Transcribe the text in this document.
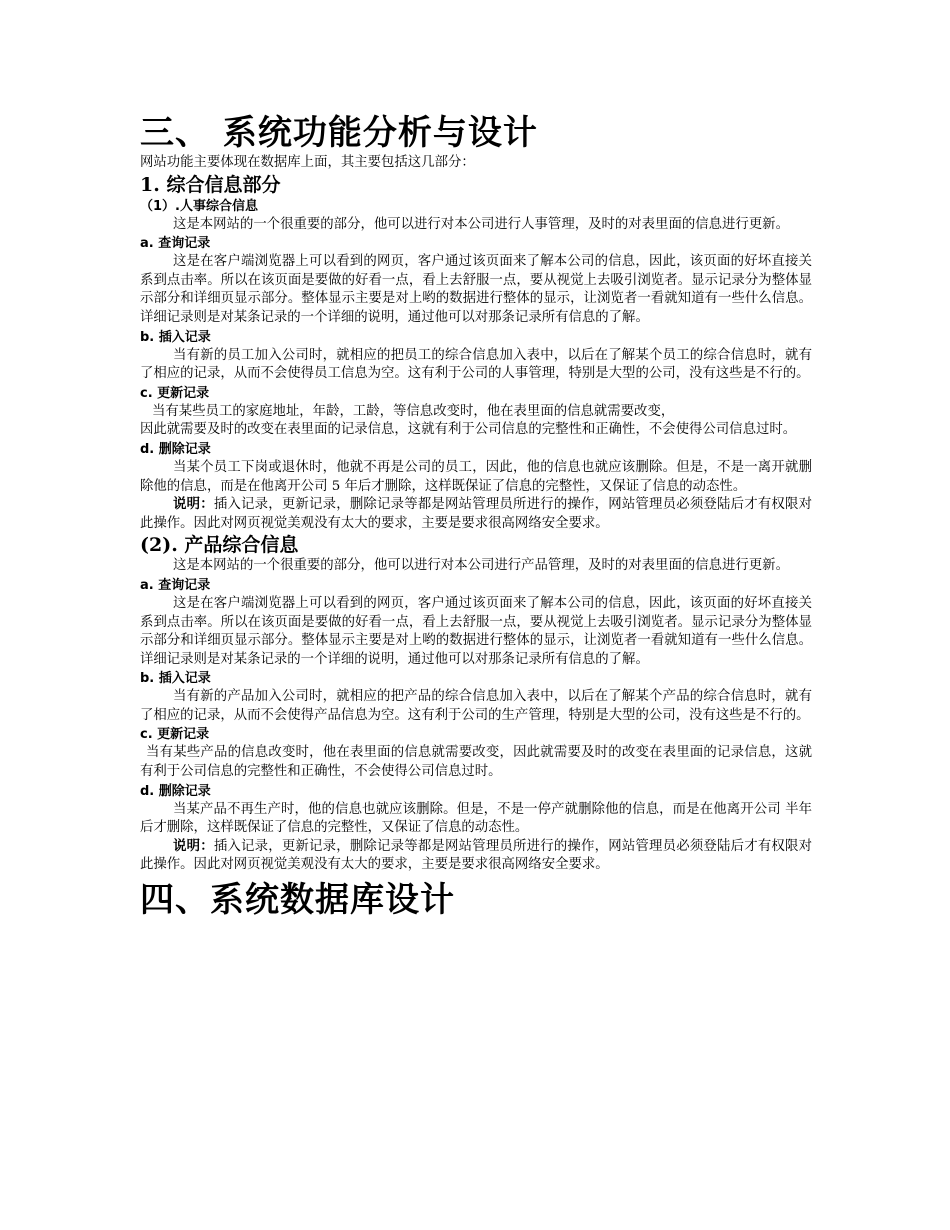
三、 系统功能分析与设计

网站功能主要体现在数据库上面，其主要包括这几部分：

1. 综合信息部分
（1）.人事综合信息

这是本网站的一个很重要的部分，他可以进行对本公司进行人事管理，及时的对表里面的信息进行更新。

a. 查询记录

这是在客户端浏览器上可以看到的网页，客户通过该页面来了解本公司的信息，因此，该页面的好坏直接关系到点击率。所以在该页面是要做的好看一点，看上去舒服一点，要从视觉上去吸引浏览者。显示记录分为整体显示部分和详细页显示部分。整体显示主要是对上哟的数据进行整体的显示，让浏览者一看就知道有一些什么信息。详细记录则是对某条记录的一个详细的说明，通过他可以对那条记录所有信息的了解。

b. 插入记录

当有新的员工加入公司时，就相应的把员工的综合信息加入表中，以后在了解某个员工的综合信息时，就有了相应的记录，从而不会使得员工信息为空。这有利于公司的人事管理，特别是大型的公司，没有这些是不行的。

c. 更新记录

当有某些员工的家庭地址，年龄，工龄，等信息改变时，他在表里面的信息就需要改变，

因此就需要及时的改变在表里面的记录信息，这就有利于公司信息的完整性和正确性，不会使得公司信息过时。

d. 删除记录

当某个员工下岗或退休时，他就不再是公司的员工，因此，他的信息也就应该删除。但是，不是一离开就删除他的信息，而是在他离开公司 5 年后才删除，这样既保证了信息的完整性，又保证了信息的动态性。

说明：插入记录，更新记录，删除记录等都是网站管理员所进行的操作，网站管理员必须登陆后才有权限对此操作。因此对网页视觉美观没有太大的要求，主要是要求很高网络安全要求。

(2). 产品综合信息

这是本网站的一个很重要的部分，他可以进行对本公司进行产品管理，及时的对表里面的信息进行更新。

a. 查询记录

这是在客户端浏览器上可以看到的网页，客户通过该页面来了解本公司的信息，因此，该页面的好坏直接关系到点击率。所以在该页面是要做的好看一点，看上去舒服一点，要从视觉上去吸引浏览者。显示记录分为整体显示部分和详细页显示部分。整体显示主要是对上哟的数据进行整体的显示，让浏览者一看就知道有一些什么信息。详细记录则是对某条记录的一个详细的说明，通过他可以对那条记录所有信息的了解。

b. 插入记录

当有新的产品加入公司时，就相应的把产品的综合信息加入表中，以后在了解某个产品的综合信息时，就有了相应的记录，从而不会使得产品信息为空。这有利于公司的生产管理，特别是大型的公司，没有这些是不行的。

c. 更新记录

当有某些产品的信息改变时，他在表里面的信息就需要改变，因此就需要及时的改变在表里面的记录信息，这就有利于公司信息的完整性和正确性，不会使得公司信息过时。

d. 删除记录

当某产品不再生产时，他的信息也就应该删除。但是，不是一停产就删除他的信息，而是在他离开公司 半年后才删除，这样既保证了信息的完整性，又保证了信息的动态性。

说明：插入记录，更新记录，删除记录等都是网站管理员所进行的操作，网站管理员必须登陆后才有权限对此操作。因此对网页视觉美观没有太大的要求，主要是要求很高网络安全要求。

四、系统数据库设计
